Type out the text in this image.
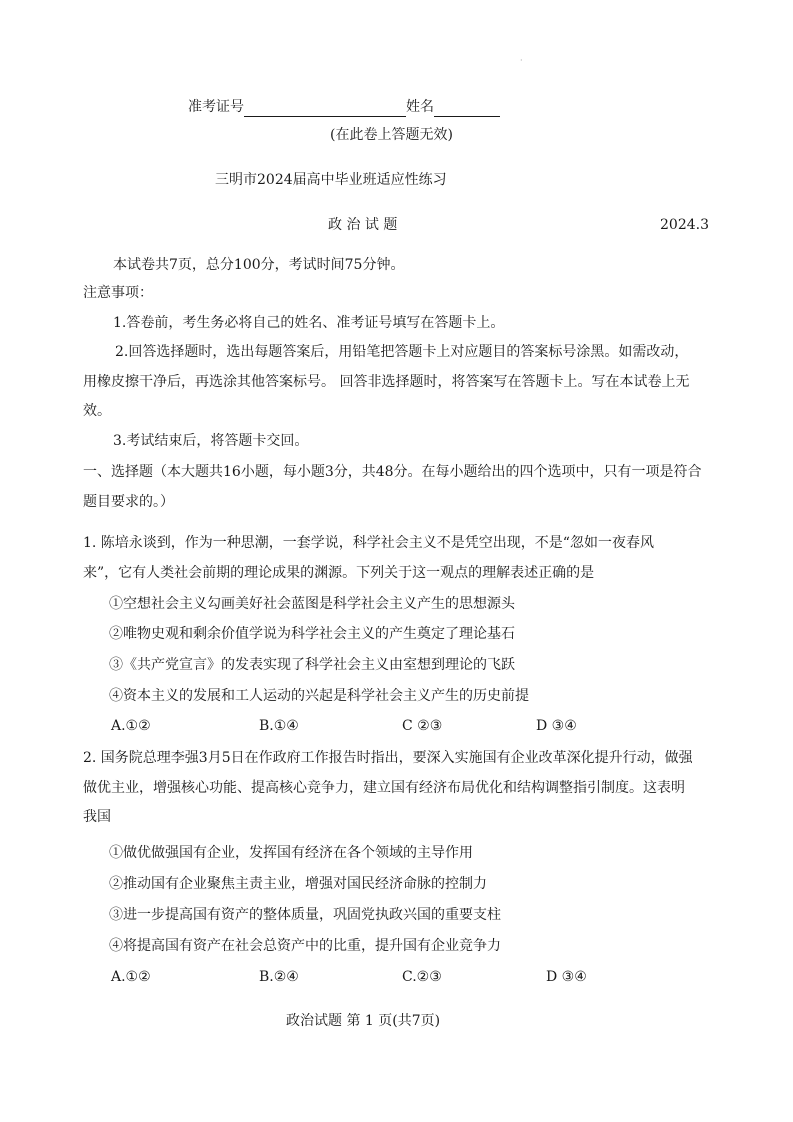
·
准考证号	姓名
(在此卷上答题无效)
三明市2024届高中毕业班适应性练习
政 治 试 题	2024.3
本试卷共7页，总分100分，考试时间75分钟。
注意事项：
1.答卷前，考生务必将自己的姓名、准考证号填写在答题卡上。
2.回答选择题时，选出每题答案后，用铅笔把答题卡上对应题目的答案标号涂黑。如需改动，
用橡皮擦干净后，再选涂其他答案标号。 回答非选择题时，将答案写在答题卡上。写在本试卷上无
效。
3.考试结束后，将答题卡交回。
一、选择题（本大题共16小题，每小题3分，共48分。在每小题给出的四个选项中，只有一项是符合
题目要求的。）
1. 陈培永谈到，作为一种思潮，一套学说，科学社会主义不是凭空出现，不是“忽如一夜春风
来”，它有人类社会前期的理论成果的渊源。下列关于这一观点的理解表述正确的是
①空想社会主义勾画美好社会蓝图是科学社会主义产生的思想源头
②唯物史观和剩余价值学说为科学社会主义的产生奠定了理论基石
③《共产党宣言》的发表实现了科学社会主义由室想到理论的飞跃
④资本主义的发展和工人运动的兴起是科学社会主义产生的历史前提
A.①②	B.①④	C ②③	D ③④
2. 国务院总理李强3月5日在作政府工作报告时指出，要深入实施国有企业改革深化提升行动，做强
做优主业，增强核心功能、提高核心竞争力，建立国有经济布局优化和结构调整指引制度。这表明
我国
①做优做强国有企业，发挥国有经济在各个领域的主导作用
②推动国有企业聚焦主责主业，增强对国民经济命脉的控制力
③进一步提高国有资产的整体质量，巩固党执政兴国的重要支柱
④将提高国有资产在社会总资产中的比重，提升国有企业竞争力
A.①②	B.②④	C.②③	D ③④
政治试题 第 1 页(共7页)
